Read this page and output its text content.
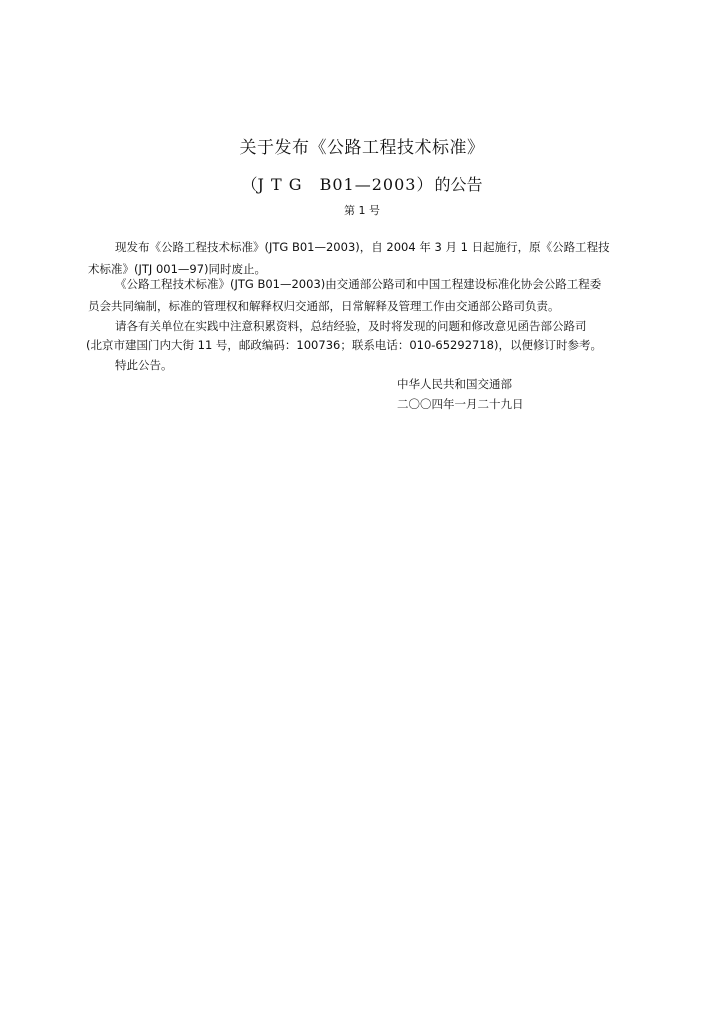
关于发布《公路工程技术标准》
（J T G　B01—2003） 的公告
第 1 号
现发布《公路工程技术标准》(JTG B01—2003)，自 2004 年 3 月 1 日起施行，原《公路工程技
术标准》(JTJ 001—97)同时废止。
《公路工程技术标准》(JTG B01—2003)由交通部公路司和中国工程建设标准化协会公路工程委
员会共同编制，标准的管理权和解释权归交通部，日常解释及管理工作由交通部公路司负责。
请各有关单位在实践中注意积累资料，总结经验，及时将发现的问题和修改意见函告部公路司
(北京市建国门内大街 11 号，邮政编码：100736；联系电话：010-65292718)，以便修订时参考。
特此公告。
中华人民共和国交通部
二〇〇四年一月二十九日
